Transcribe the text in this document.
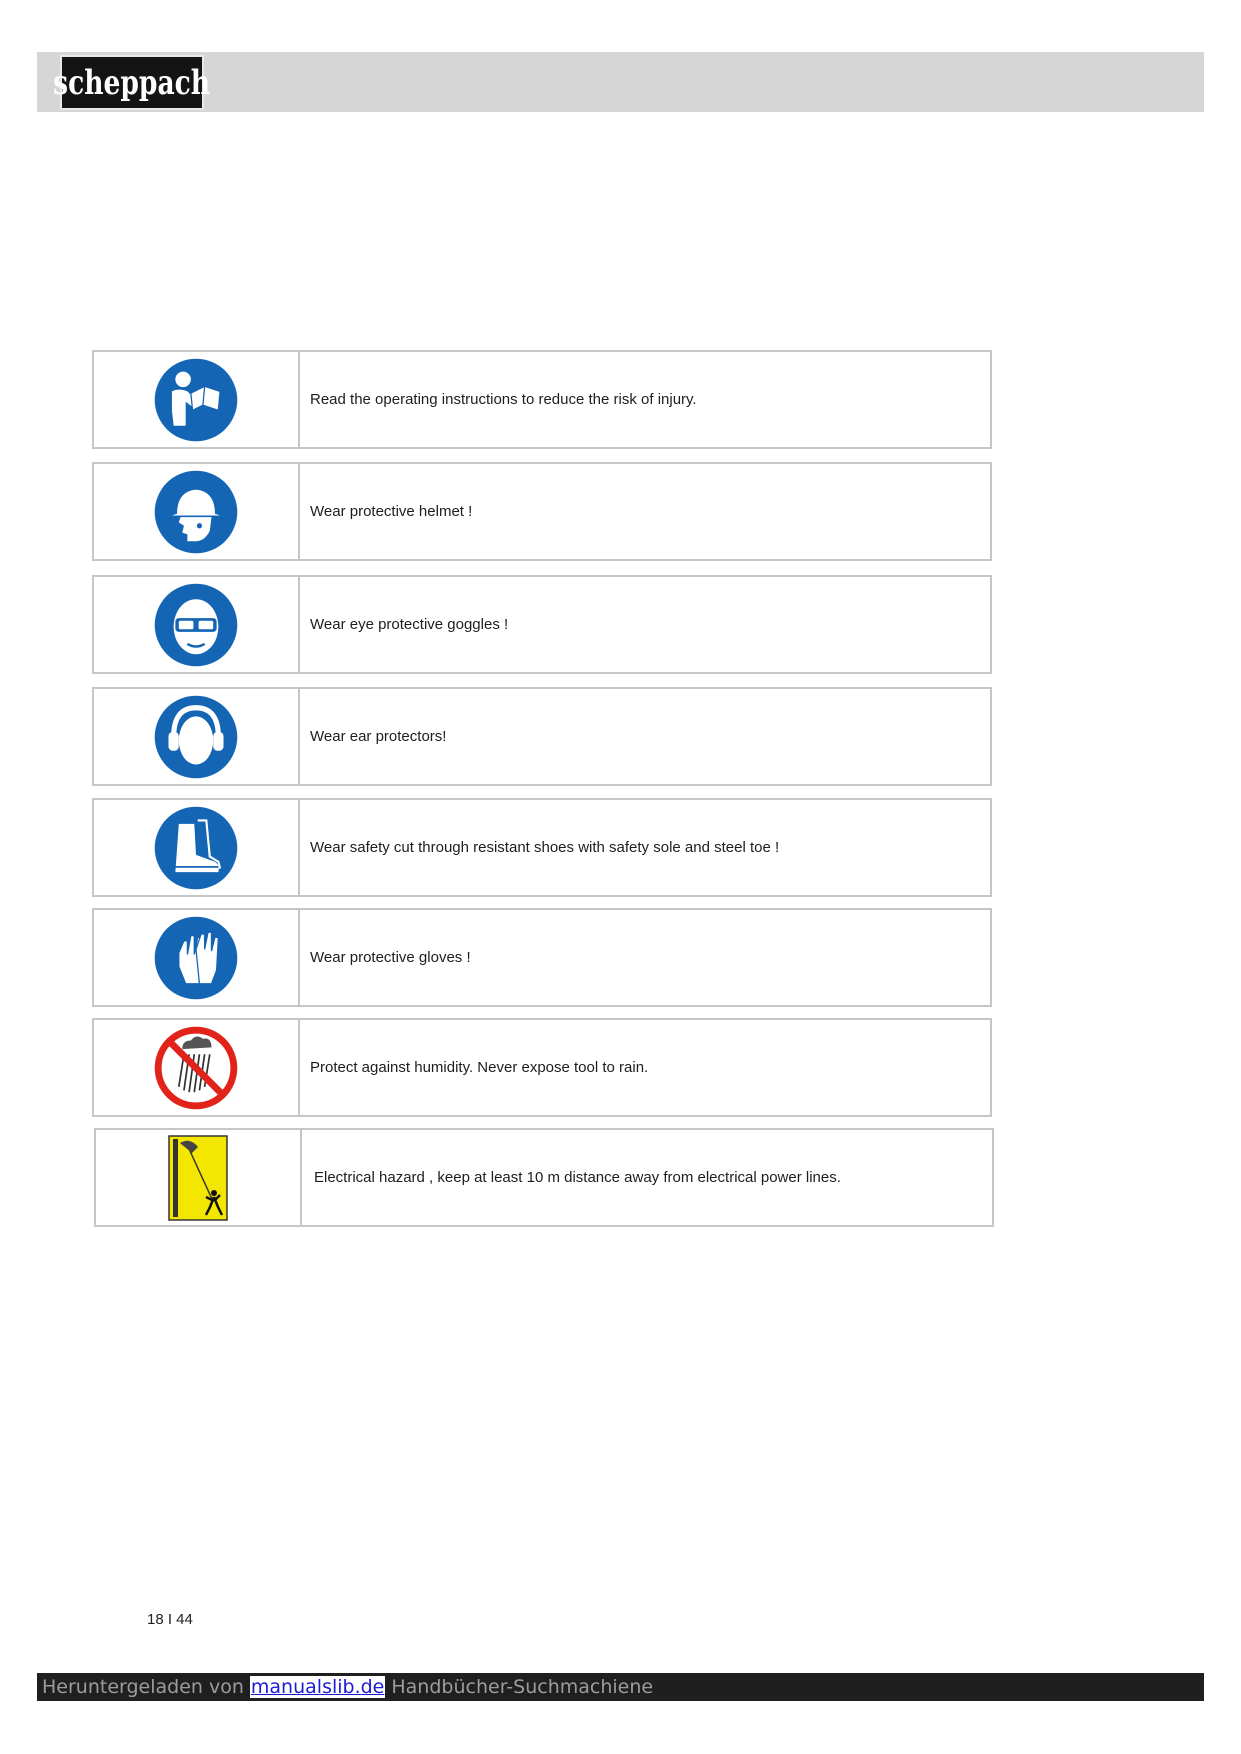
scheppach
Read the operating instructions to reduce the risk of injury.
Wear protective helmet !
Wear eye protective goggles !
Wear ear protectors!
Wear safety cut through resistant shoes with safety sole and steel toe !
Wear protective gloves !
Protect against humidity. Never expose tool to rain.
Electrical hazard , keep at least 10 m distance away from electrical power lines.
18 I 44
Heruntergeladen von manualslib.de Handbücher-Suchmachiene
